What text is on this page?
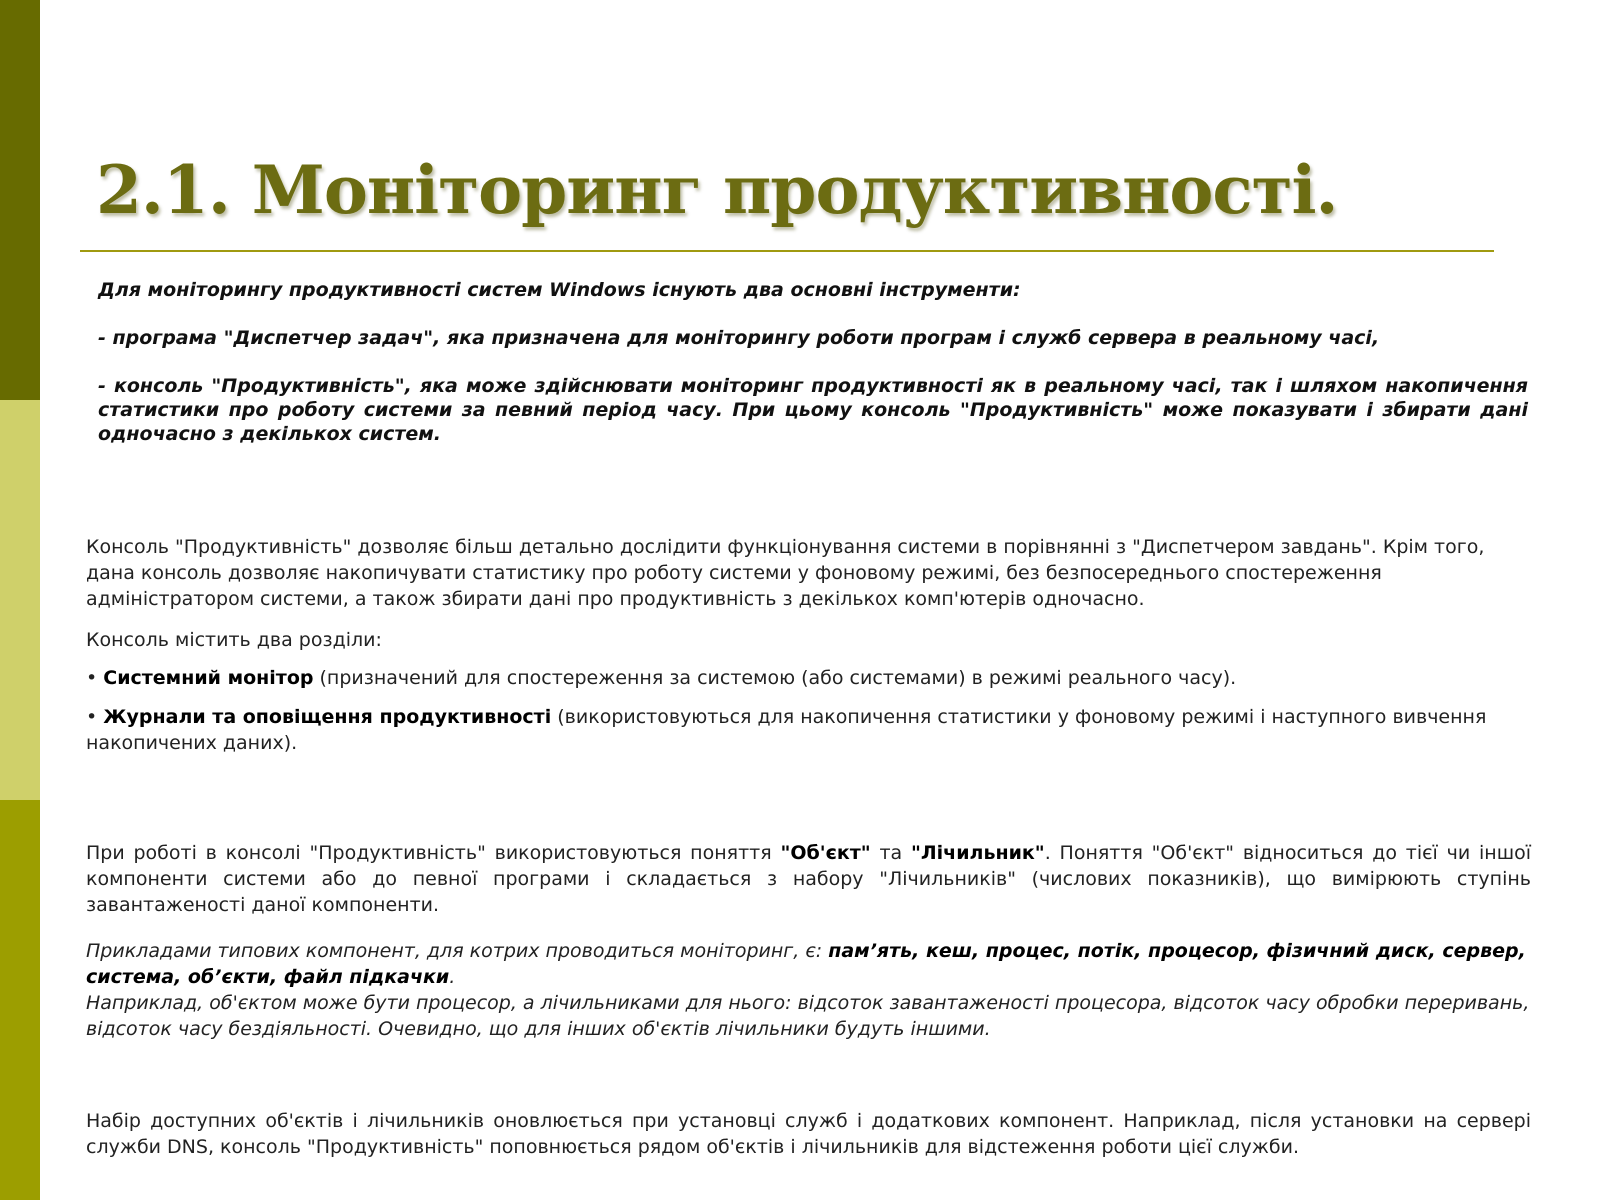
2.1. Моніторинг продуктивності.

Для моніторингу продуктивності систем Windows існують два основні інструменти:

- програма "Диспетчер задач", яка призначена для моніторингу роботи програм і служб сервера в реальному часі,

- консоль "Продуктивність", яка може здійснювати моніторинг продуктивності як в реальному часі, так і шляхом накопичення статистики про роботу системи за певний період часу. При цьому консоль "Продуктивність" може показувати і збирати дані одночасно з декількох систем.

Консоль "Продуктивність" дозволяє більш детально дослідити функціонування системи в порівнянні з "Диспетчером завдань". Крім того, дана консоль дозволяє накопичувати статистику про роботу системи у фоновому режимі, без безпосереднього спостереження адміністратором системи, а також збирати дані про продуктивність з декількох комп'ютерів одночасно.

Консоль містить два розділи:

• Системний монітор (призначений для спостереження за системою (або системами) в режимі реального часу).

• Журнали та оповіщення продуктивності (використовуються для накопичення статистики у фоновому режимі і наступного вивчення накопичених даних).

При роботі в консолі "Продуктивність" використовуються поняття "Об'єкт" та "Лічильник". Поняття "Об'єкт" відноситься до тієї чи іншої компоненти системи або до певної програми і складається з набору "Лічильників" (числових показників), що вимірюють ступінь завантаженості даної компоненти.

Прикладами типових компонент, для котрих проводиться моніторинг, є: пам’ять, кеш, процес, потік, процесор, фізичний диск, сервер, система, об’єкти, файл підкачки.
Наприклад, об'єктом може бути процесор, а лічильниками для нього: відсоток завантаженості процесора, відсоток часу обробки переривань, відсоток часу бездіяльності. Очевидно, що для інших об'єктів лічильники будуть іншими.

Набір доступних об'єктів і лічильників оновлюється при установці служб і додаткових компонент. Наприклад, після установки на сервері служби DNS, консоль "Продуктивність" поповнюється рядом об'єктів і лічильників для відстеження роботи цієї служби.
